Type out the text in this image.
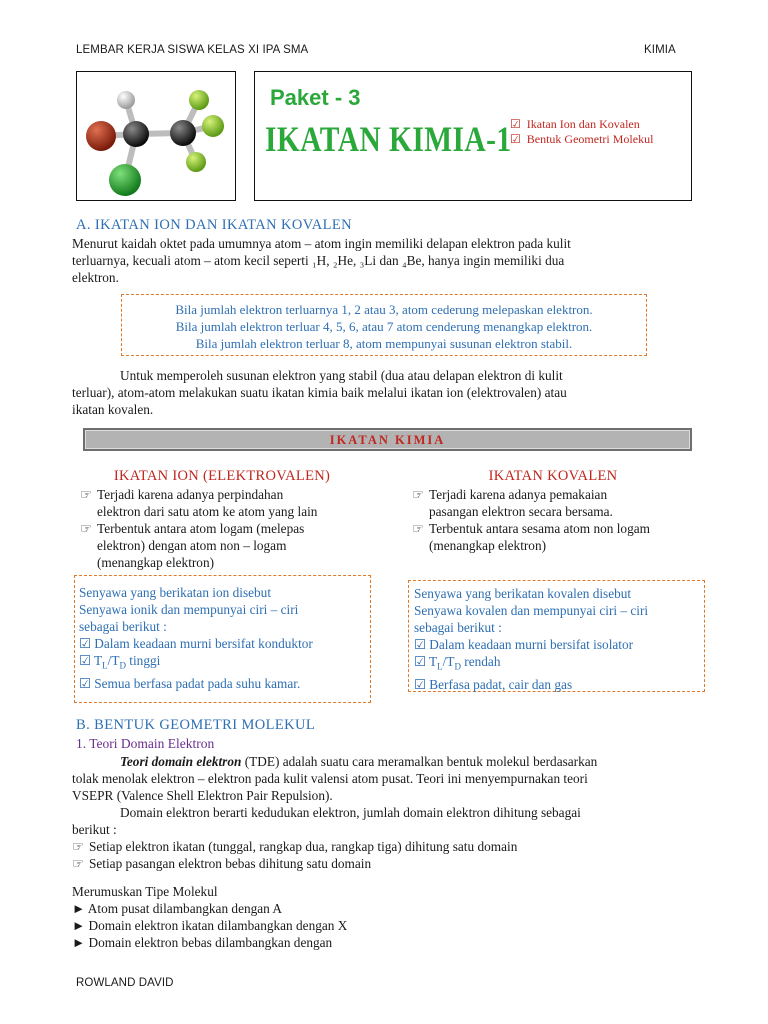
LEMBAR KERJA SISWA KELAS XI IPA SMA	KIMIA
Paket - 3
IKATAN KIMIA-1
☑ Ikatan Ion dan Kovalen
☑ Bentuk Geometri Molekul
A. IKATAN ION DAN IKATAN KOVALEN
Menurut kaidah oktet pada umumnya atom – atom ingin memiliki delapan elektron pada kulit
terluarnya, kecuali atom – atom kecil seperti ₁H, ₂He, ₃Li dan ₄Be, hanya ingin memiliki dua
elektron.
Bila jumlah elektron terluarnya 1, 2 atau 3, atom cederung melepaskan elektron.
Bila jumlah elektron terluar 4, 5, 6, atau 7 atom cenderung menangkap elektron.
Bila jumlah elektron terluar 8, atom mempunyai susunan elektron stabil.
Untuk memperoleh susunan elektron yang stabil (dua atau delapan elektron di kulit
terluar), atom-atom melakukan suatu ikatan kimia baik melalui ikatan ion (elektrovalen) atau
ikatan kovalen.
IKATAN KIMIA
IKATAN ION (ELEKTROVALEN)
☞ Terjadi karena adanya perpindahan
elektron dari satu atom ke atom yang lain
☞ Terbentuk antara atom logam (melepas
elektron) dengan atom non – logam
(menangkap elektron)
Senyawa yang berikatan ion disebut
Senyawa ionik dan mempunyai ciri – ciri
sebagai berikut :
☑ Dalam keadaan murni bersifat konduktor
☑ $T_L/T_D$ tinggi
☑ Semua berfasa padat pada suhu kamar.
IKATAN KOVALEN
☞ Terjadi karena adanya pemakaian
pasangan elektron secara bersama.
☞ Terbentuk antara sesama atom non logam
(menangkap elektron)
Senyawa yang berikatan kovalen disebut
Senyawa kovalen dan mempunyai ciri – ciri
sebagai berikut :
☑ Dalam keadaan murni bersifat isolator
☑ $T_L/T_D$ rendah
☑ Berfasa padat, cair dan gas
B. BENTUK GEOMETRI MOLEKUL
1. Teori Domain Elektron
Teori domain elektron (TDE) adalah suatu cara meramalkan bentuk molekul berdasarkan
tolak menolak elektron – elektron pada kulit valensi atom pusat. Teori ini menyempurnakan teori
VSEPR (Valence Shell Elektron Pair Repulsion).
Domain elektron berarti kedudukan elektron, jumlah domain elektron dihitung sebagai
berikut :
☞ Setiap elektron ikatan (tunggal, rangkap dua, rangkap tiga) dihitung satu domain
☞ Setiap pasangan elektron bebas dihitung satu domain
Merumuskan Tipe Molekul
► Atom pusat dilambangkan dengan A
► Domain elektron ikatan dilambangkan dengan X
► Domain elektron bebas dilambangkan dengan
ROWLAND DAVID
